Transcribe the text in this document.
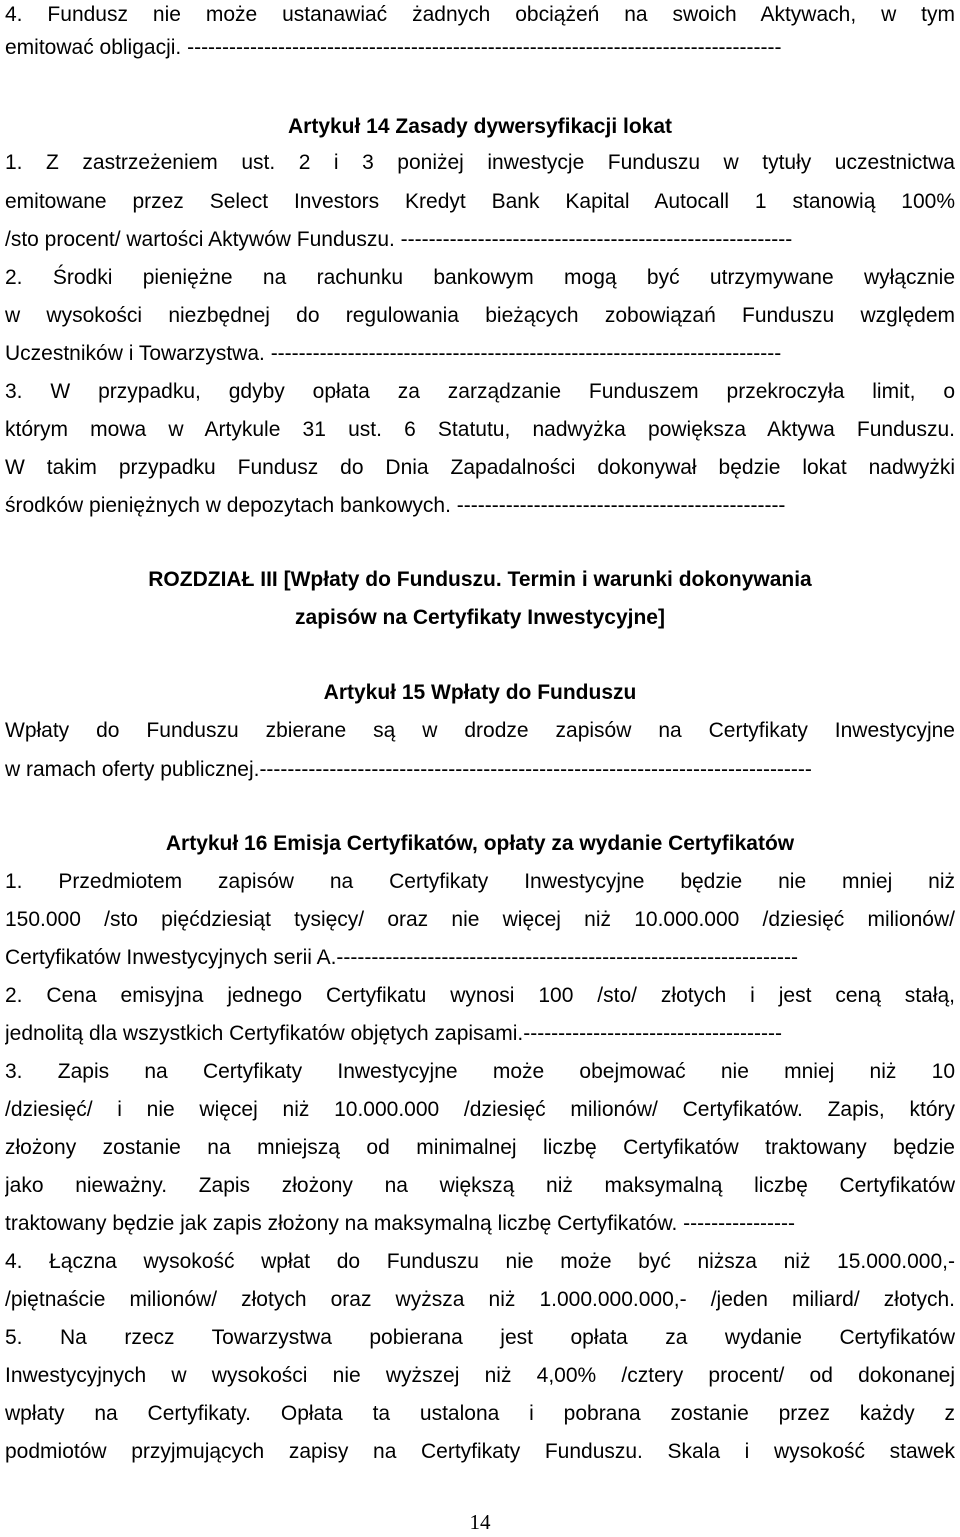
4. Fundusz nie może ustanawiać żadnych obciążeń na swoich Aktywach, w tym
emitować obligacji. -------------------------------------------------------------------------------------
Artykuł 14 Zasady dywersyfikacji lokat
1. Z zastrzeżeniem ust. 2 i 3 poniżej inwestycje Funduszu w tytuły uczestnictwa
emitowane przez Select Investors Kredyt Bank Kapital Autocall 1 stanowią 100%
/sto procent/ wartości Aktywów Funduszu. --------------------------------------------------------
2. Środki pieniężne na rachunku bankowym mogą być utrzymywane wyłącznie
w wysokości niezbędnej do regulowania bieżących zobowiązań Funduszu względem
Uczestników i Towarzystwa. -------------------------------------------------------------------------
3. W przypadku, gdyby opłata za zarządzanie Funduszem przekroczyła limit, o
którym mowa w Artykule 31 ust. 6 Statutu, nadwyżka powiększa Aktywa Funduszu.
W takim przypadku Fundusz do Dnia Zapadalności dokonywał będzie lokat nadwyżki
środków pieniężnych w depozytach bankowych. -----------------------------------------------
ROZDZIAŁ III [Wpłaty do Funduszu. Termin i warunki dokonywania
zapisów na Certyfikaty Inwestycyjne]
Artykuł 15 Wpłaty do Funduszu
Wpłaty do Funduszu zbierane są w drodze zapisów na Certyfikaty Inwestycyjne
w ramach oferty publicznej.-------------------------------------------------------------------------------
Artykuł 16 Emisja Certyfikatów, opłaty za wydanie Certyfikatów
1. Przedmiotem zapisów na Certyfikaty Inwestycyjne będzie nie mniej niż
150.000 /sto pięćdziesiąt tysięcy/ oraz nie więcej niż 10.000.000 /dziesięć milionów/
Certyfikatów Inwestycyjnych serii A.------------------------------------------------------------------
2. Cena emisyjna jednego Certyfikatu wynosi 100 /sto/ złotych i jest ceną stałą,
jednolitą dla wszystkich Certyfikatów objętych zapisami.-------------------------------------
3. Zapis na Certyfikaty Inwestycyjne może obejmować nie mniej niż 10
/dziesięć/ i nie więcej niż 10.000.000 /dziesięć milionów/ Certyfikatów. Zapis, który
złożony zostanie na mniejszą od minimalnej liczbę Certyfikatów traktowany będzie
jako nieważny. Zapis złożony na większą niż maksymalną liczbę Certyfikatów
traktowany będzie jak zapis złożony na maksymalną liczbę Certyfikatów. ----------------
4. Łączna wysokość wpłat do Funduszu nie może być niższa niż 15.000.000,-
/piętnaście milionów/ złotych oraz wyższa niż 1.000.000.000,- /jeden miliard/ złotych.
5. Na rzecz Towarzystwa pobierana jest opłata za wydanie Certyfikatów
Inwestycyjnych w wysokości nie wyższej niż 4,00% /cztery procent/ od dokonanej
wpłaty na Certyfikaty. Opłata ta ustalona i pobrana zostanie przez każdy z
podmiotów przyjmujących zapisy na Certyfikaty Funduszu. Skala i wysokość stawek
14
